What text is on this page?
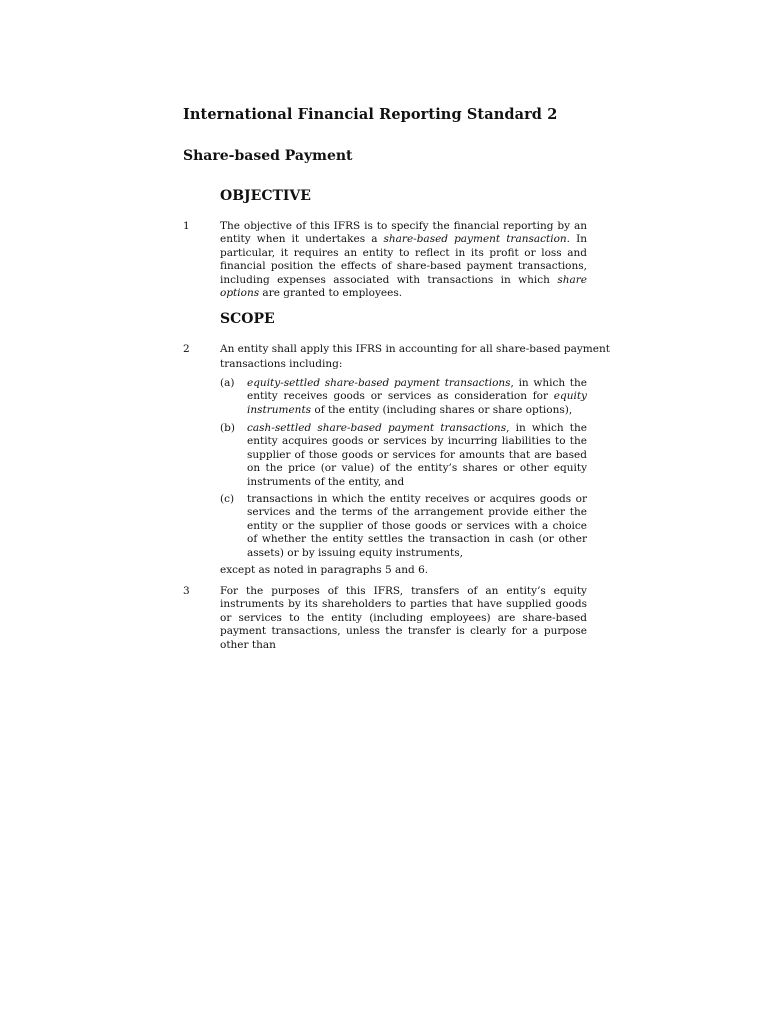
International Financial Reporting Standard 2
Share-based Payment
OBJECTIVE
1	The objective of this IFRS is to specify the financial reporting by an entity when it undertakes a share-based payment transaction. In particular, it requires an entity to reflect in its profit or loss and financial position the effects of share-based payment transactions, including expenses associated with transactions in which share options are granted to employees.
SCOPE
2	An entity shall apply this IFRS in accounting for all share-based payment
transactions including:
(a) equity-settled share-based payment transactions, in which the entity receives goods or services as consideration for equity instruments of the entity (including shares or share options),
(b) cash-settled share-based payment transactions, in which the entity acquires goods or services by incurring liabilities to the supplier of those goods or services for amounts that are based on the price (or value) of the entity’s shares or other equity instruments of the entity, and
(c) transactions in which the entity receives or acquires goods or services and the terms of the arrangement provide either the entity or the supplier of those goods or services with a choice of whether the entity settles the transaction in cash (or other assets) or by issuing equity instruments,
except as noted in paragraphs 5 and 6.
3	For the purposes of this IFRS, transfers of an entity’s equity instruments by its shareholders to parties that have supplied goods or services to the entity (including employees) are share-based payment transactions, unless the transfer is clearly for a purpose other than
